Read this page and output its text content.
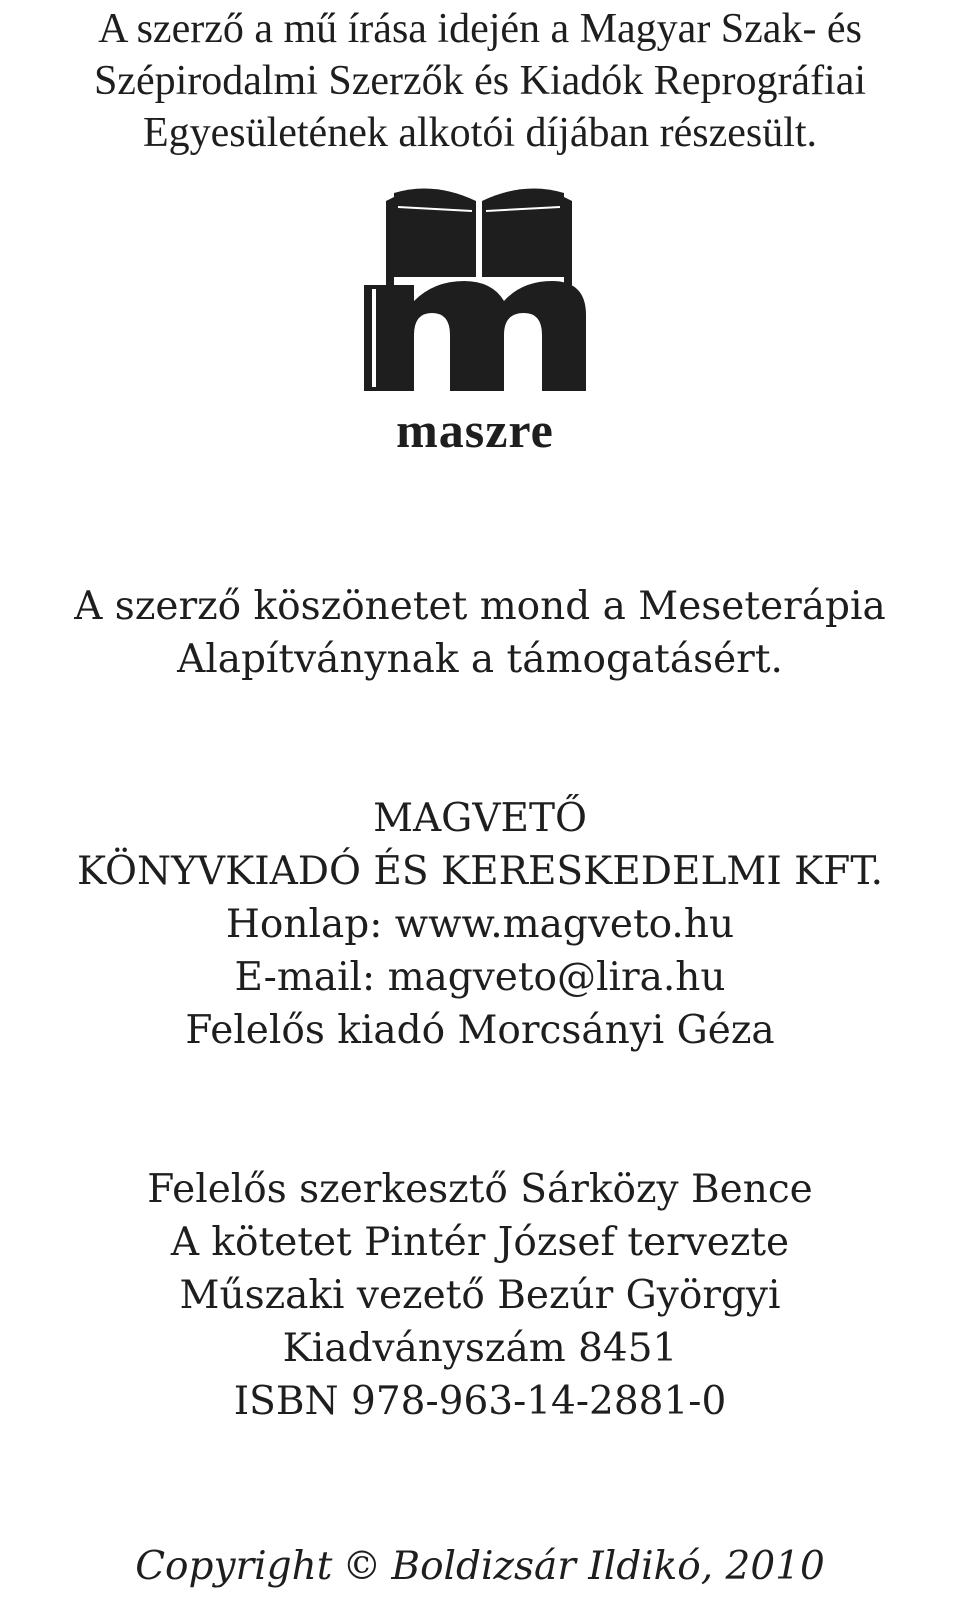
A szerző a mű írása idején a Magyar Szak- és
Szépirodalmi Szerzők és Kiadók Reprográfiai
Egyesületének alkotói díjában részesült.
maszre
A szerző köszönetet mond a Meseterápia
Alapítványnak a támogatásért.
MAGVETŐ
KÖNYVKIADÓ ÉS KERESKEDELMI KFT.
Honlap: www.magveto.hu
E-mail: magveto@lira.hu
Felelős kiadó Morcsányi Géza
Felelős szerkesztő Sárközy Bence
A kötetet Pintér József tervezte
Műszaki vezető Bezúr Györgyi
Kiadványszám 8451
ISBN 978-963-14-2881-0
Copyright © Boldizsár Ildikó, 2010
